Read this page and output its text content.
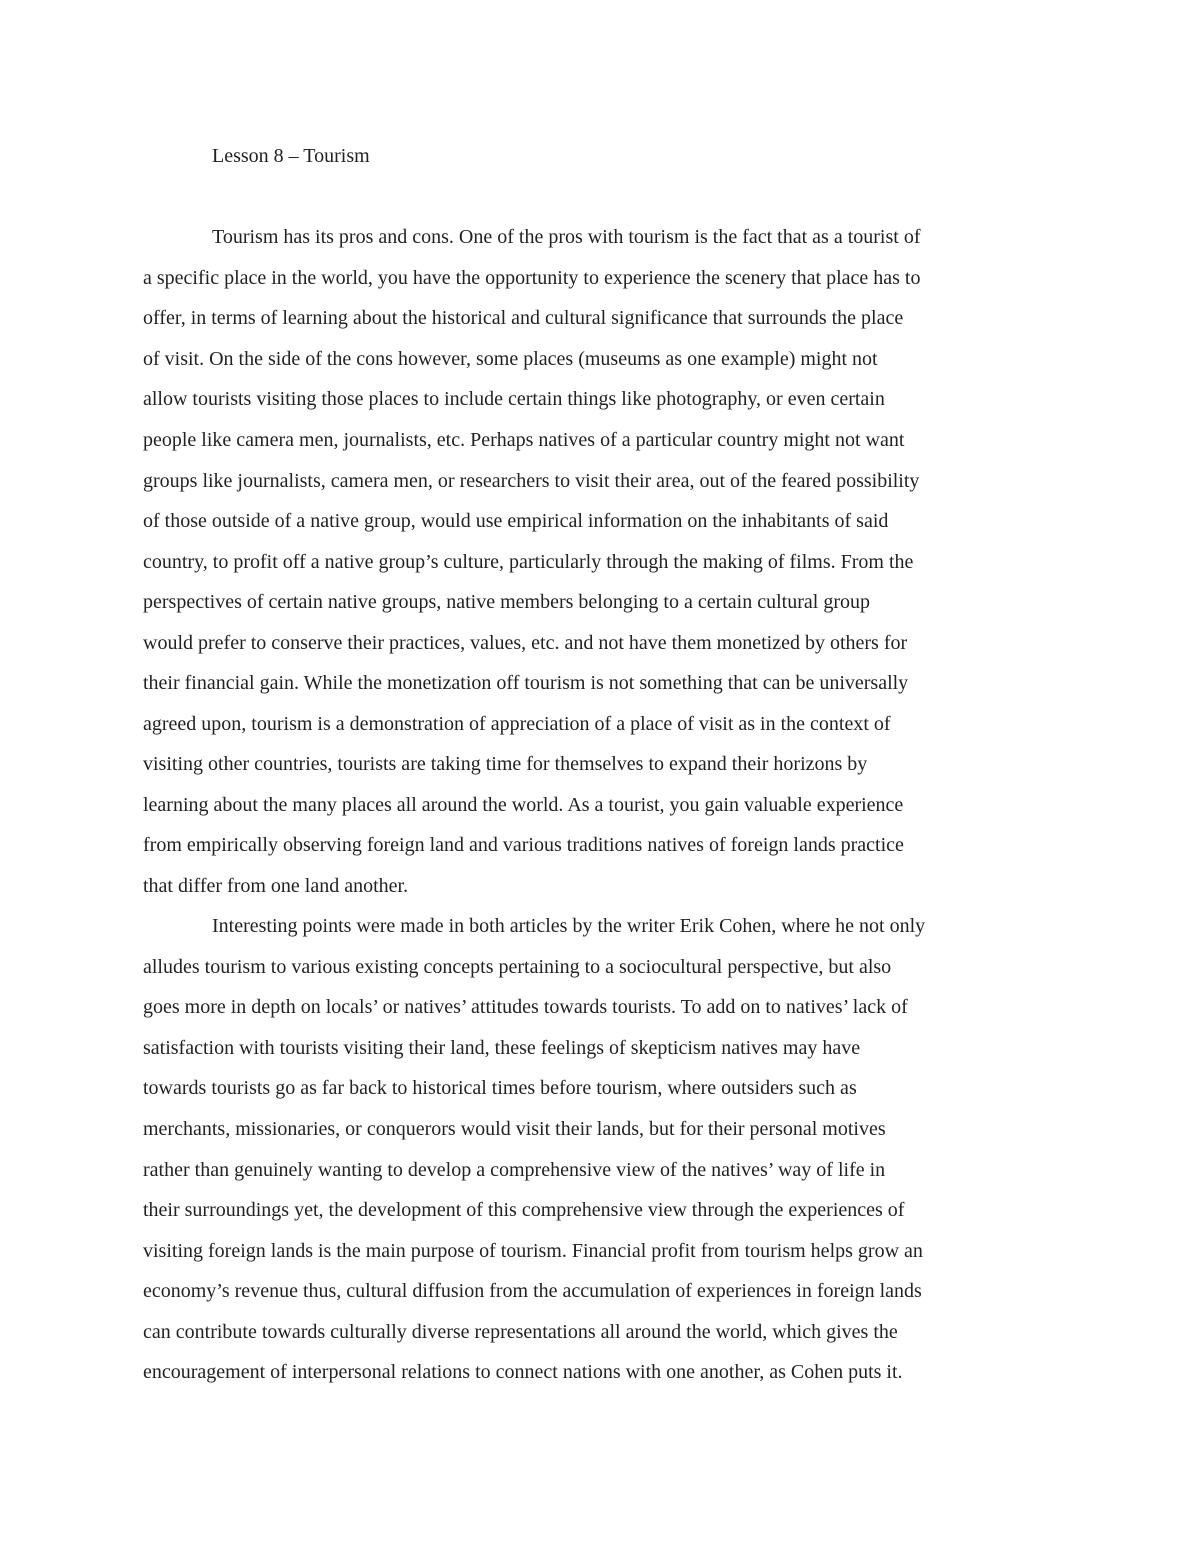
Lesson 8 – Tourism

Tourism has its pros and cons. One of the pros with tourism is the fact that as a tourist of

a specific place in the world, you have the opportunity to experience the scenery that place has to

offer, in terms of learning about the historical and cultural significance that surrounds the place

of visit. On the side of the cons however, some places (museums as one example) might not

allow tourists visiting those places to include certain things like photography, or even certain

people like camera men, journalists, etc. Perhaps natives of a particular country might not want

groups like journalists, camera men, or researchers to visit their area, out of the feared possibility

of those outside of a native group, would use empirical information on the inhabitants of said

country, to profit off a native group’s culture, particularly through the making of films. From the

perspectives of certain native groups, native members belonging to a certain cultural group

would prefer to conserve their practices, values, etc. and not have them monetized by others for

their financial gain. While the monetization off tourism is not something that can be universally

agreed upon, tourism is a demonstration of appreciation of a place of visit as in the context of

visiting other countries, tourists are taking time for themselves to expand their horizons by

learning about the many places all around the world. As a tourist, you gain valuable experience

from empirically observing foreign land and various traditions natives of foreign lands practice

that differ from one land another.

Interesting points were made in both articles by the writer Erik Cohen, where he not only

alludes tourism to various existing concepts pertaining to a sociocultural perspective, but also

goes more in depth on locals’ or natives’ attitudes towards tourists. To add on to natives’ lack of

satisfaction with tourists visiting their land, these feelings of skepticism natives may have

towards tourists go as far back to historical times before tourism, where outsiders such as

merchants, missionaries, or conquerors would visit their lands, but for their personal motives

rather than genuinely wanting to develop a comprehensive view of the natives’ way of life in

their surroundings yet, the development of this comprehensive view through the experiences of

visiting foreign lands is the main purpose of tourism. Financial profit from tourism helps grow an

economy’s revenue thus, cultural diffusion from the accumulation of experiences in foreign lands

can contribute towards culturally diverse representations all around the world, which gives the

encouragement of interpersonal relations to connect nations with one another, as Cohen puts it.
